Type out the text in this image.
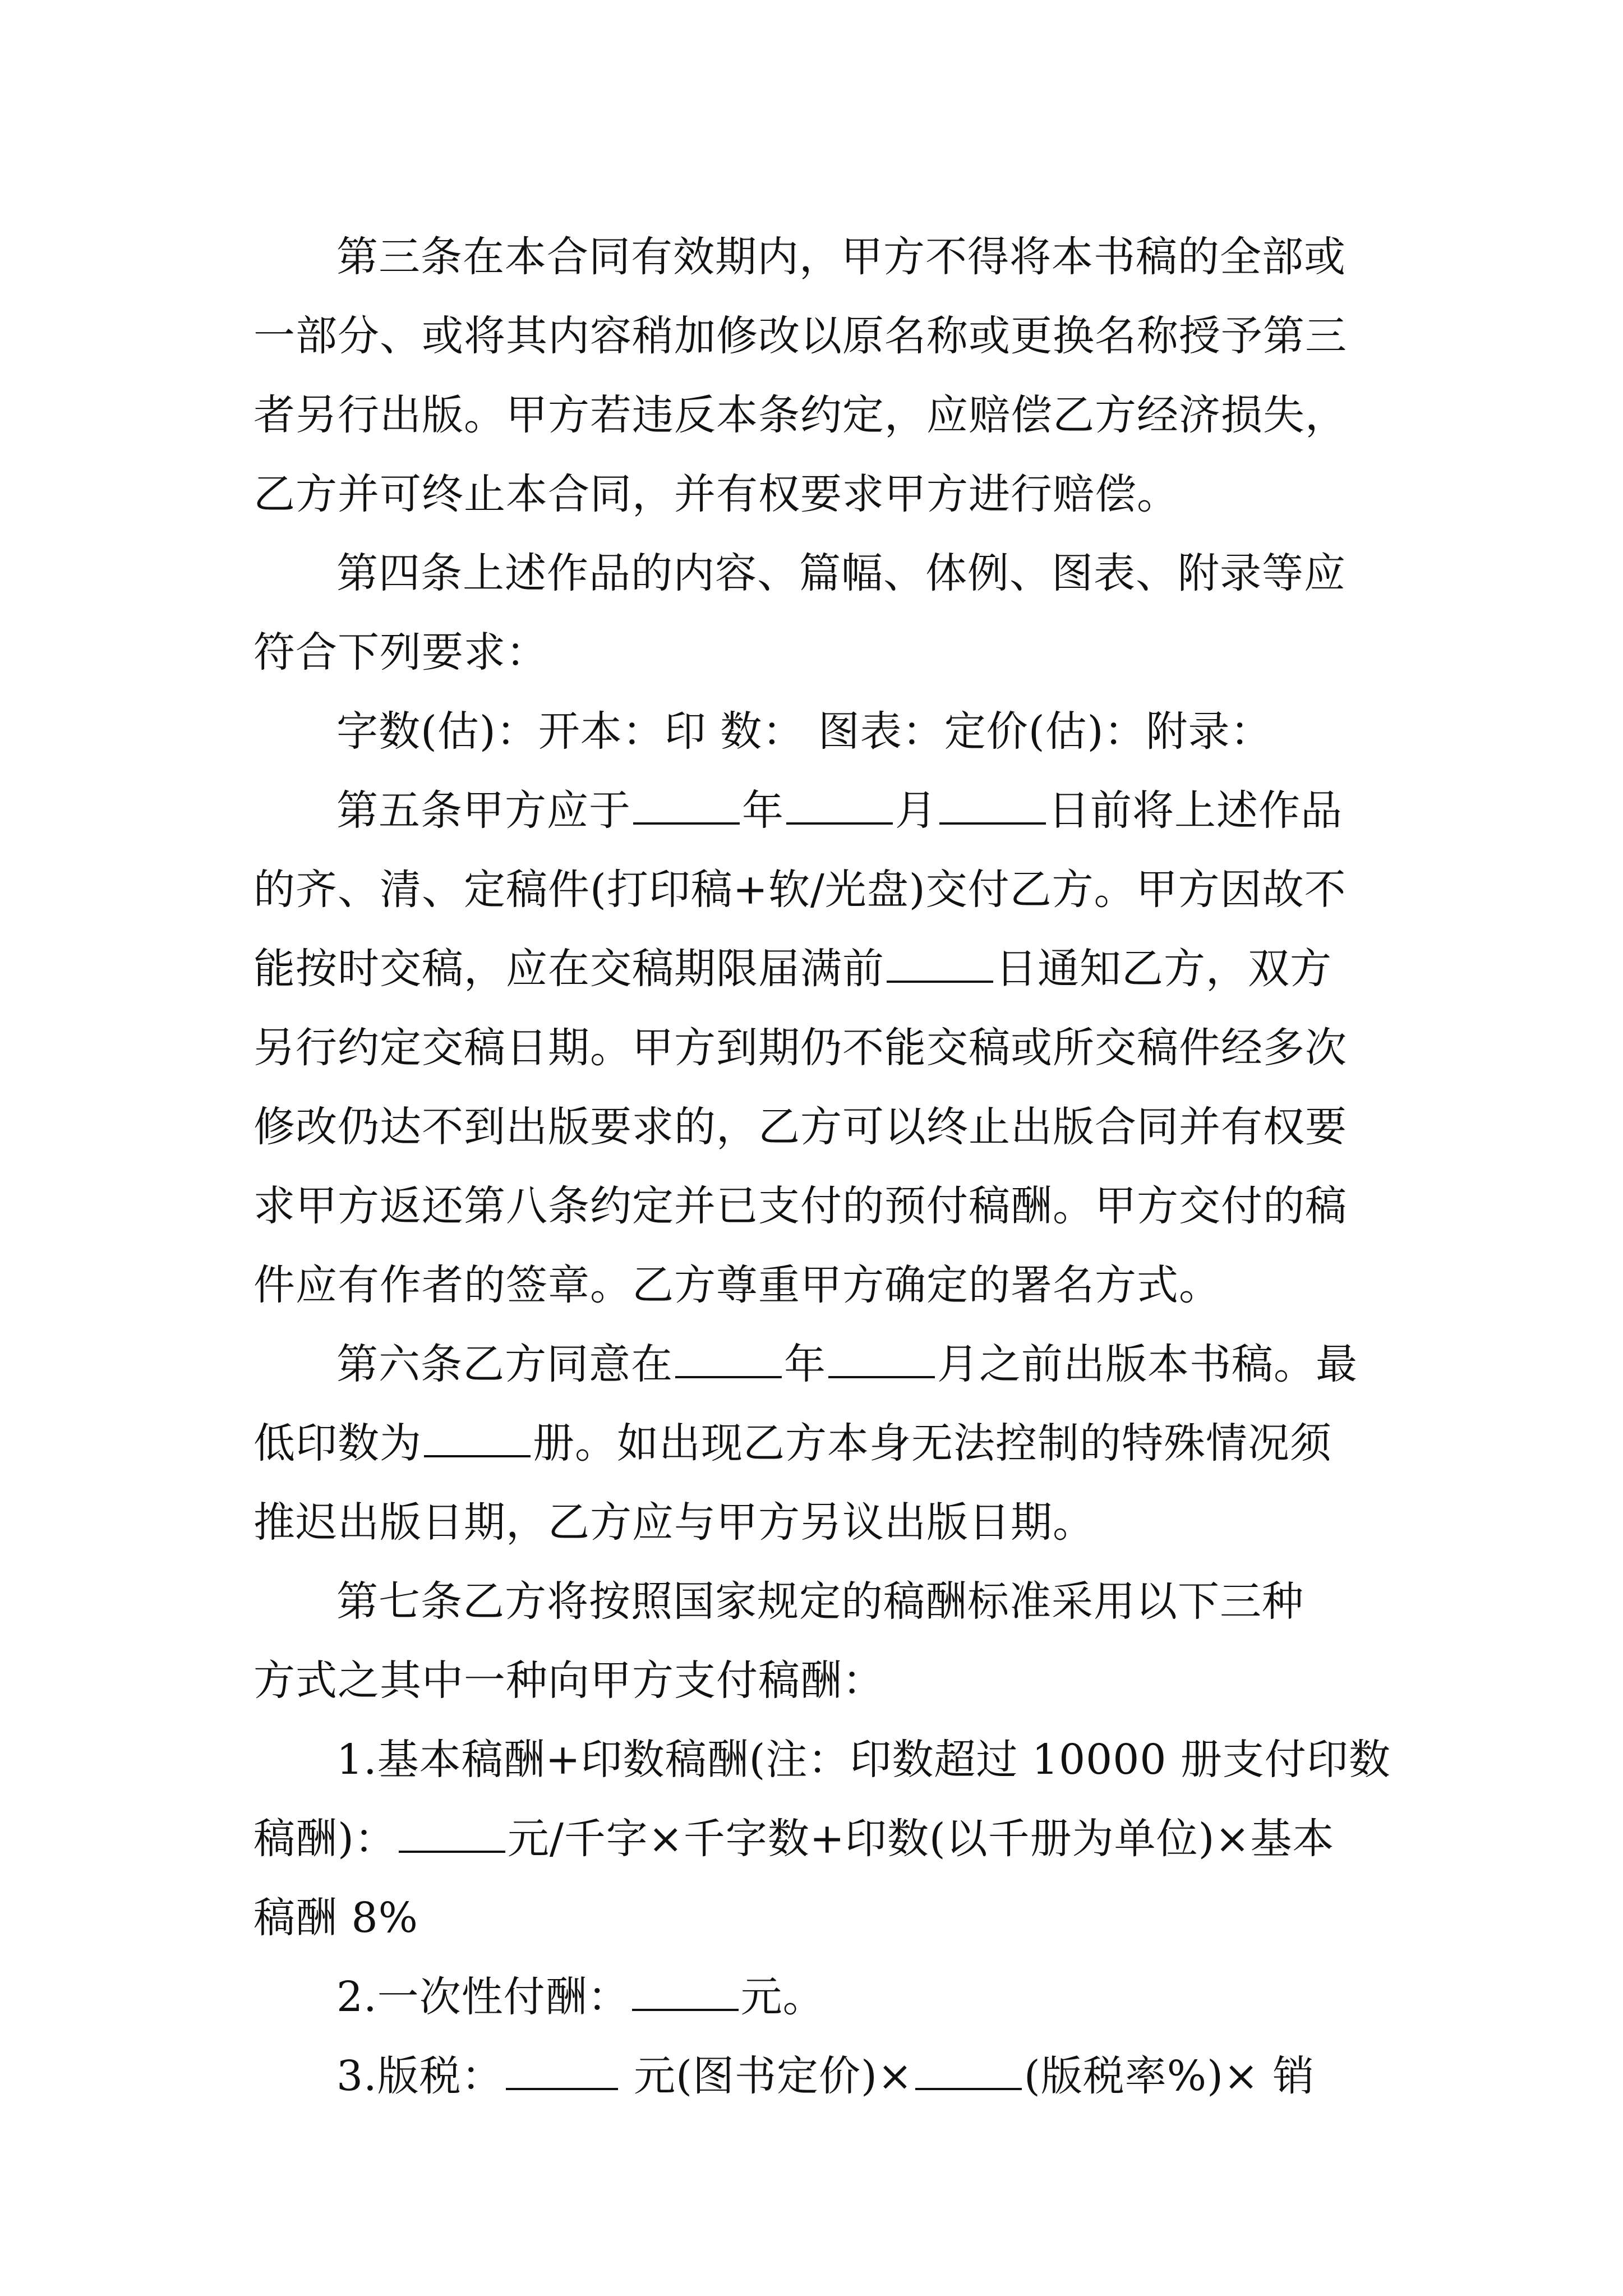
第三条在本合同有效期内，甲方不得将本书稿的全部或
一部分、或将其内容稍加修改以原名称或更换名称授予第三
者另行出版。甲方若违反本条约定，应赔偿乙方经济损失，
乙方并可终止本合同，并有权要求甲方进行赔偿。
第四条上述作品的内容、篇幅、体例、图表、附录等应
符合下列要求：
字数(估)：开本：印 数： 图表：定价(估)：附录：
第五条甲方应于	年	月	日前将上述作品
的齐、清、定稿件(打印稿+软/光盘)交付乙方。甲方因故不
能按时交稿，应在交稿期限届满前	日通知乙方，双方
另行约定交稿日期。甲方到期仍不能交稿或所交稿件经多次
修改仍达不到出版要求的，乙方可以终止出版合同并有权要
求甲方返还第八条约定并已支付的预付稿酬。甲方交付的稿
件应有作者的签章。乙方尊重甲方确定的署名方式。
第六条乙方同意在	年	月之前出版本书稿。最
低印数为	册。如出现乙方本身无法控制的特殊情况须
推迟出版日期，乙方应与甲方另议出版日期。
第七条乙方将按照国家规定的稿酬标准采用以下三种
方式之其中一种向甲方支付稿酬：
1.基本稿酬+印数稿酬(注：印数超过 10000 册支付印数
稿酬)：	元/千字×千字数+印数(以千册为单位)×基本
稿酬 8%
2.一次性付酬：	元。
3.版税：	元(图书定价)×	(版税率%)× 销
